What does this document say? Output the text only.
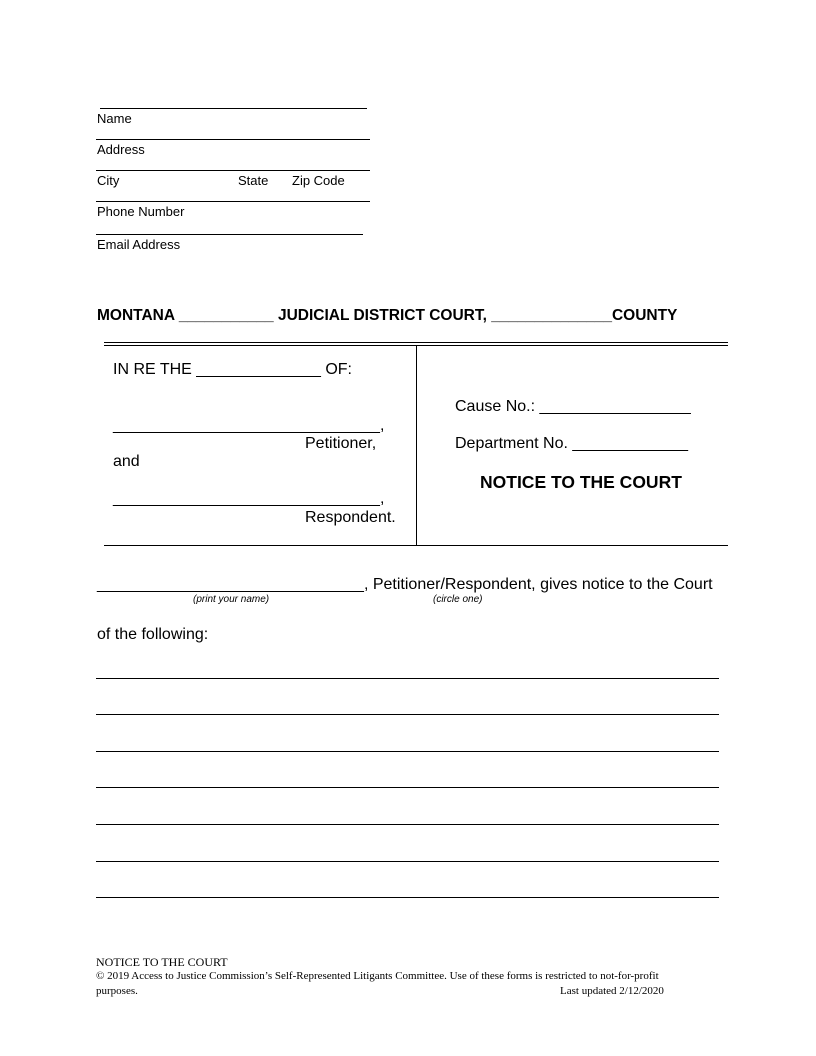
Name
Address
City	State Zip Code
Phone Number
Email Address
MONTANA ___________ JUDICIAL DISTRICT COURT, ______________COUNTY
IN RE THE ______________ OF:
______________________________,
Petitioner,
and
______________________________,
Respondent.
Cause No.: _________________
Department No. _____________
NOTICE TO THE COURT
______________________________, Petitioner/Respondent, gives notice to the Court
(print your name)	(circle one)
of the following:
NOTICE TO THE COURT
© 2019 Access to Justice Commission’s Self-Represented Litigants Committee. Use of these forms is restricted to not-for-profit
purposes.	Last updated 2/12/2020
